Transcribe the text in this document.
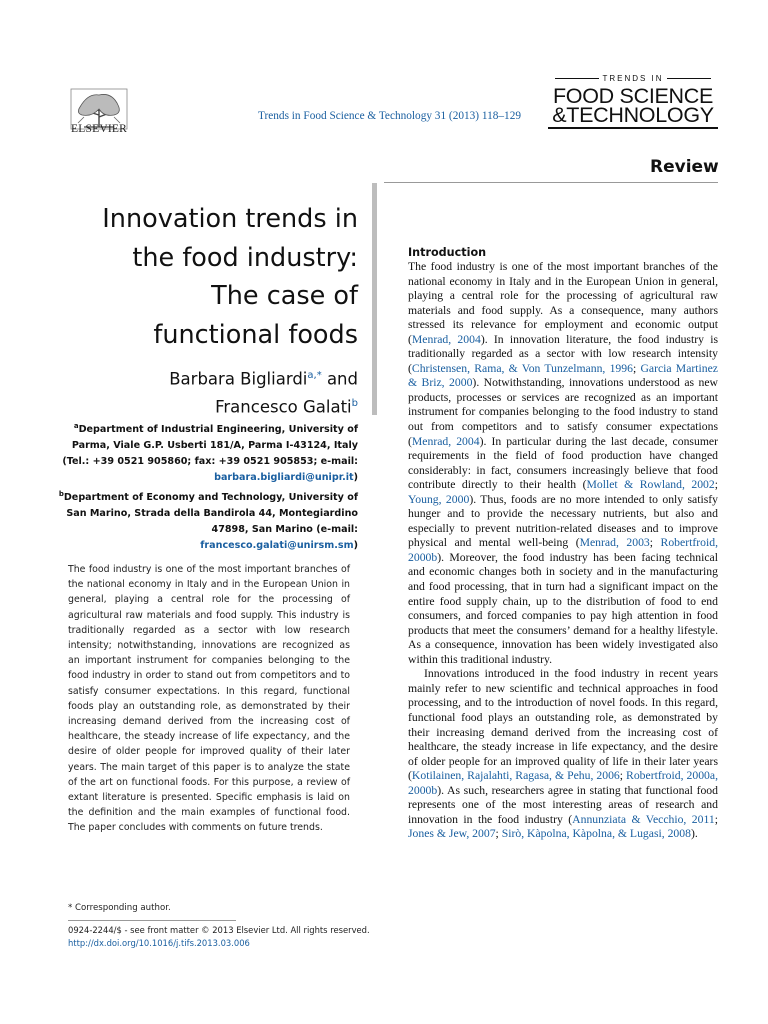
ELSEVIER
Trends in Food Science & Technology 31 (2013) 118–129
TRENDS IN
FOOD SCIENCE
&TECHNOLOGY
Review
Innovation trends in
the food industry:
The case of
functional foods
Barbara Bigliardi$^{a,*}$ and
Francesco Galati$^b$
$^a$Department of Industrial Engineering, University of Parma, Viale G.P. Usberti 181/A, Parma I-43124, Italy (Tel.: +39 0521 905860; fax: +39 0521 905853; e-mail: barbara.bigliardi@unipr.it)
$^b$Department of Economy and Technology, University of San Marino, Strada della Bandirola 44, Montegiardino 47898, San Marino (e-mail: francesco.galati@unirsm.sm)
The food industry is one of the most important branches of the national economy in Italy and in the European Union in general, playing a central role for the processing of agricultural raw materials and food supply. This industry is traditionally regarded as a sector with low research intensity; notwithstanding, innovations are recognized as an important instrument for companies belonging to the food industry in order to stand out from competitors and to satisfy consumer expectations. In this regard, functional foods play an outstanding role, as demonstrated by their increasing demand derived from the increasing cost of healthcare, the steady increase of life expectancy, and the desire of older people for improved quality of their later years. The main target of this paper is to analyze the state of the art on functional foods. For this purpose, a review of extant literature is presented. Specific emphasis is laid on the definition and the main examples of functional food. The paper concludes with comments on future trends.
* Corresponding author.
0924-2244/$ - see front matter © 2013 Elsevier Ltd. All rights reserved.
http://dx.doi.org/10.1016/j.tifs.2013.03.006
Introduction

The food industry is one of the most important branches of the national economy in Italy and in the European Union in general, playing a central role for the processing of agricultural raw materials and food supply. As a consequence, many authors stressed its relevance for employment and economic output (Menrad, 2004). In innovation literature, the food industry is traditionally regarded as a sector with low research intensity (Christensen, Rama, & Von Tunzelmann, 1996; Garcia Martinez & Briz, 2000). Notwithstanding, innovations understood as new products, processes or services are recognized as an important instrument for companies belonging to the food industry to stand out from competitors and to satisfy consumer expectations (Menrad, 2004). In particular during the last decade, consumer requirements in the field of food production have changed considerably: in fact, consumers increasingly believe that food contribute directly to their health (Mollet & Rowland, 2002; Young, 2000). Thus, foods are no more intended to only satisfy hunger and to provide the necessary nutrients, but also and especially to prevent nutrition-related diseases and to improve physical and mental well-being (Menrad, 2003; Robertfroid, 2000b). Moreover, the food industry has been facing technical and economic changes both in society and in the manufacturing and food processing, that in turn had a significant impact on the entire food supply chain, up to the distribution of food to end consumers, and forced companies to pay high attention in food products that meet the consumers’ demand for a healthy lifestyle. As a consequence, innovation has been widely investigated also within this traditional industry.

Innovations introduced in the food industry in recent years mainly refer to new scientific and technical approaches in food processing, and to the introduction of novel foods. In this regard, functional food plays an outstanding role, as demonstrated by their increasing demand derived from the increasing cost of healthcare, the steady increase in life expectancy, and the desire of older people for an improved quality of life in their later years (Kotilainen, Rajalahti, Ragasa, & Pehu, 2006; Robertfroid, 2000a, 2000b). As such, researchers agree in stating that functional food represents one of the most interesting areas of research and innovation in the food industry (Annunziata & Vecchio, 2011; Jones & Jew, 2007; Sirò, Kàpolna, Kàpolna, & Lugasi, 2008).
